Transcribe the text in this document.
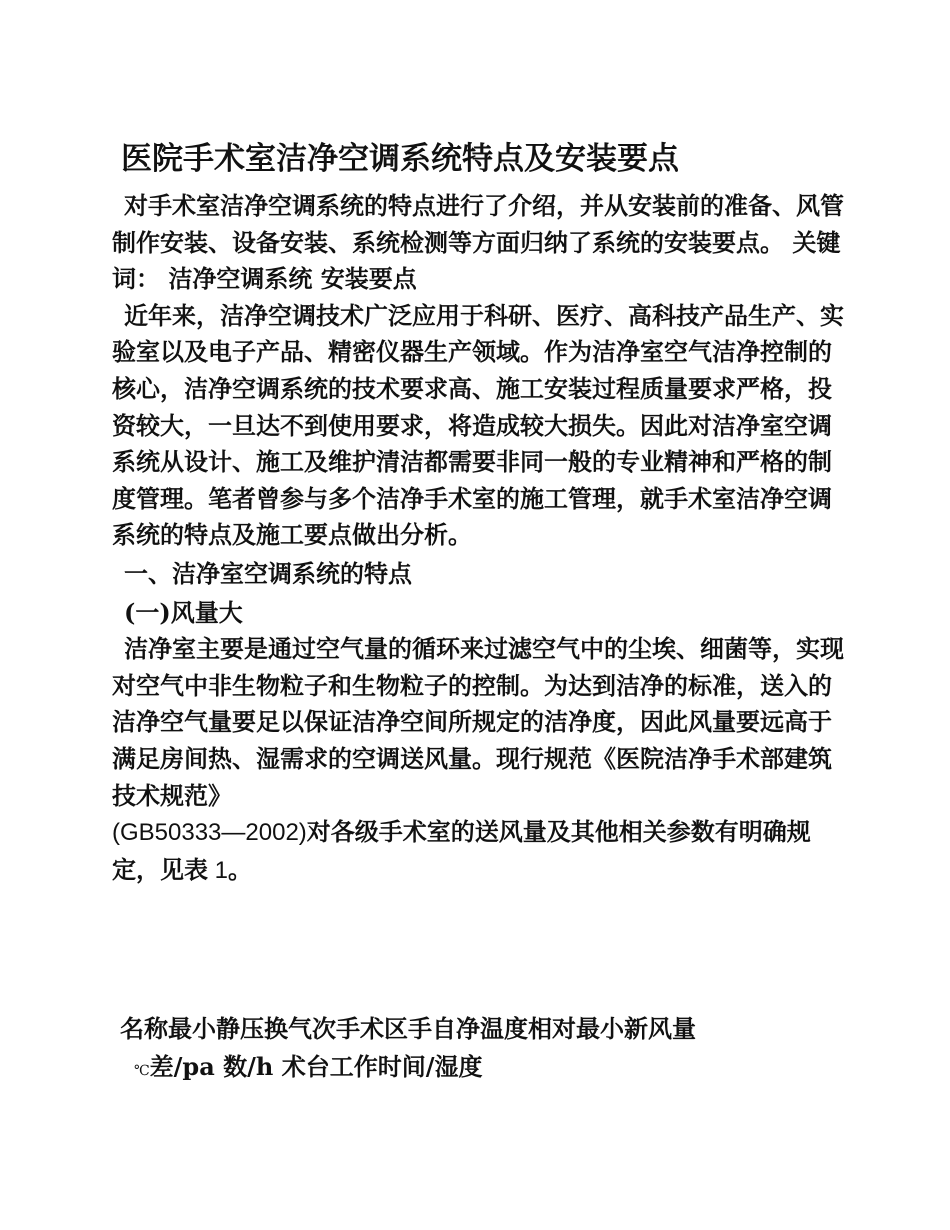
医院手术室洁净空调系统特点及安装要点

对手术室洁净空调系统的特点进行了介绍，并从安装前的准备、风管制作安装、设备安装、系统检测等方面归纳了系统的安装要点。 关键词： 洁净空调系统 安装要点

近年来，洁净空调技术广泛应用于科研、医疗、高科技产品生产、实验室以及电子产品、精密仪器生产领域。作为洁净室空气洁净控制的核心，洁净空调系统的技术要求高、施工安装过程质量要求严格，投资较大，一旦达不到使用要求，将造成较大损失。因此对洁净室空调系统从设计、施工及维护清洁都需要非同一般的专业精神和严格的制度管理。笔者曾参与多个洁净手术室的施工管理，就手术室洁净空调系统的特点及施工要点做出分析。

一、洁净室空调系统的特点

(一)风量大

洁净室主要是通过空气量的循环来过滤空气中的尘埃、细菌等，实现对空气中非生物粒子和生物粒子的控制。为达到洁净的标准，送入的洁净空气量要足以保证洁净空间所规定的洁净度，因此风量要远高于满足房间热、湿需求的空调送风量。现行规范《医院洁净手术部建筑技术规范》
(GB50333—2002)对各级手术室的送风量及其他相关参数有明确规定，见表 1。

名称最小静压换气次手术区手自净温度相对最小新风量
℃差/pa 数/h 术台工作时间/湿度
